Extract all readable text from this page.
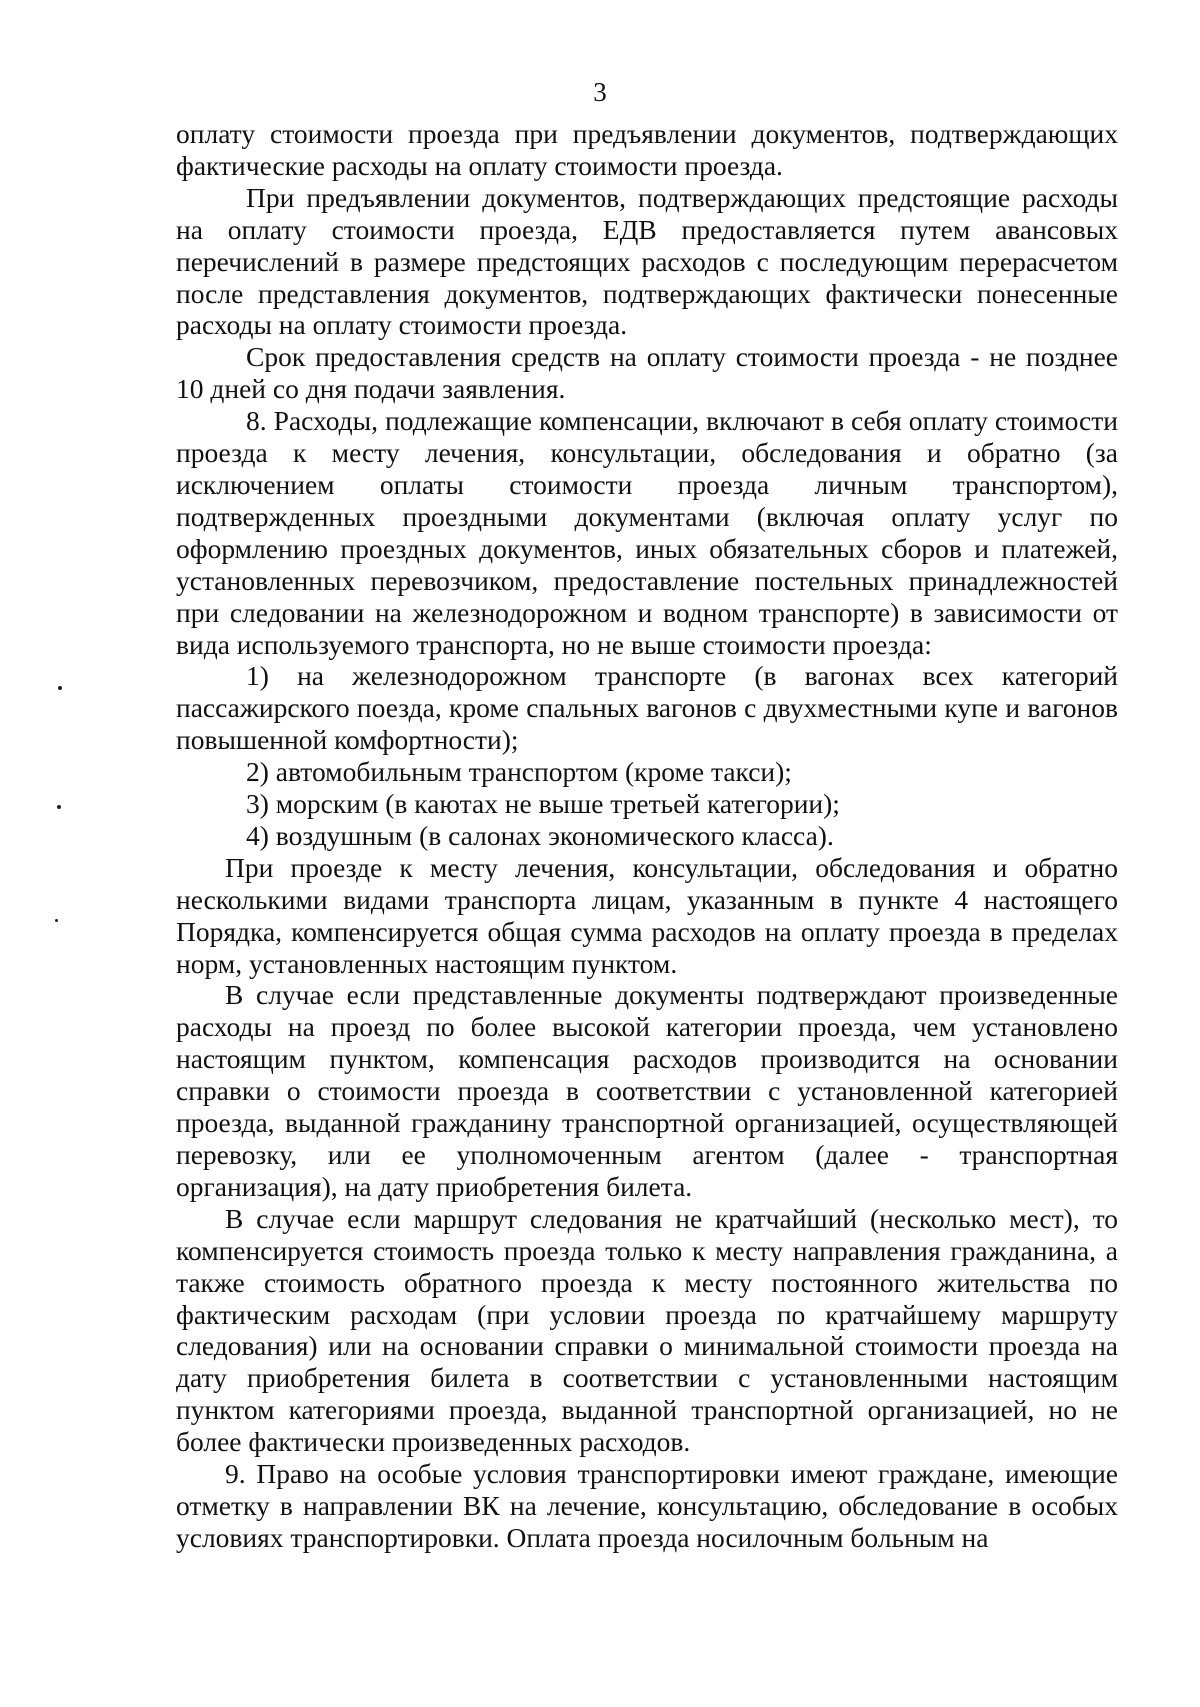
3

оплату стоимости проезда при предъявлении документов, подтверждающих фактические расходы на оплату стоимости проезда.

При предъявлении документов, подтверждающих предстоящие расходы на оплату стоимости проезда, ЕДВ предоставляется путем авансовых перечислений в размере предстоящих расходов с последующим перерасчетом после представления документов, подтверждающих фактически понесенные расходы на оплату стоимости проезда.

Срок предоставления средств на оплату стоимости проезда - не позднее 10 дней со дня подачи заявления.

8. Расходы, подлежащие компенсации, включают в себя оплату стоимости проезда к месту лечения, консультации, обследования и обратно (за исключением оплаты стоимости проезда личным транспортом), подтвержденных проездными документами (включая оплату услуг по оформлению проездных документов, иных обязательных сборов и платежей, установленных перевозчиком, предоставление постельных принадлежностей при следовании на железнодорожном и водном транспорте) в зависимости от вида используемого транспорта, но не выше стоимости проезда:

1) на железнодорожном транспорте (в вагонах всех категорий пассажирского поезда, кроме спальных вагонов с двухместными купе и вагонов повышенной комфортности);

2) автомобильным транспортом (кроме такси);

3) морским (в каютах не выше третьей категории);

4) воздушным (в салонах экономического класса).

При проезде к месту лечения, консультации, обследования и обратно несколькими видами транспорта лицам, указанным в пункте 4 настоящего Порядка, компенсируется общая сумма расходов на оплату проезда в пределах норм, установленных настоящим пунктом.

В случае если представленные документы подтверждают произведенные расходы на проезд по более высокой категории проезда, чем установлено настоящим пунктом, компенсация расходов производится на основании справки о стоимости проезда в соответствии с установленной категорией проезда, выданной гражданину транспортной организацией, осуществляющей перевозку, или ее уполномоченным агентом (далее - транспортная организация), на дату приобретения билета.

В случае если маршрут следования не кратчайший (несколько мест), то компенсируется стоимость проезда только к месту направления гражданина, а также стоимость обратного проезда к месту постоянного жительства по фактическим расходам (при условии проезда по кратчайшему маршруту следования) или на основании справки о минимальной стоимости проезда на дату приобретения билета в соответствии с установленными настоящим пунктом категориями проезда, выданной транспортной организацией, но не более фактически произведенных расходов.

9. Право на особые условия транспортировки имеют граждане, имеющие отметку в направлении ВК на лечение, консультацию, обследование в особых условиях транспортировки. Оплата проезда носилочным больным на
